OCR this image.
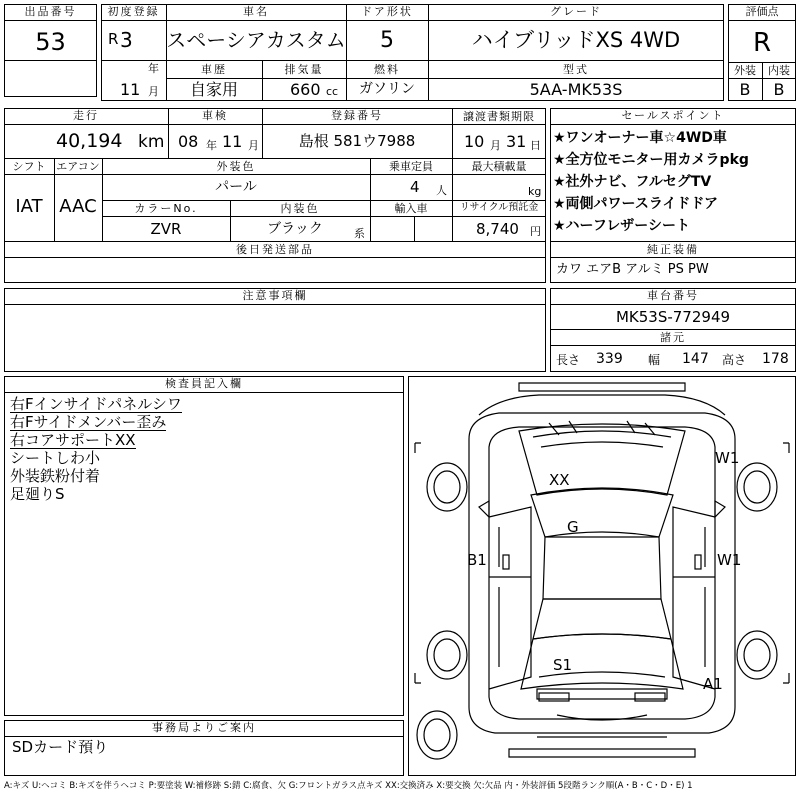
出品番号
53
初度登録
R 3
年
11 月
車名
スペーシアカスタム
ドア形状
5
グレード
ハイブリッドXS 4WD
車歴
自家用
排気量
660 cc
燃料
ガソリン
型式
5AA-MK53S
評価点
R
外装	内装
B	B
走行
40,194 km
車検
08 年 11 月
登録番号
島根 581ウ7988
譲渡書類期限
10 月 31 日
シフト
IAT
エアコン
AAC
外装色
パール
乗車定員
4 人
最大積載量
kg
カラーNo.
ZVR
内装色
ブラック	系
輸入車	リサイクル預託金
8,740 円
後日発送部品
セールスポイント
★ワンオーナー車☆4WD車
★全方位モニター用カメラpkg
★社外ナビ、フルセグTV
★両側パワースライドドア
★ハーフレザーシート
純正装備
カワ エアB アルミ PS PW
注意事項欄	車台番号
MK53S-772949
諸元
長さ 339 幅 147 高さ 178
検査員記入欄
右Fインサイドパネルシワ
右Fサイドメンバー歪み
右コアサポートXX
シートしわ小
外装鉄粉付着
足廻りS
XX
G
B1
W1
W1
S1
A1
事務局よりご案内
SDカード預り
A:キズ U:ヘコミ B:キズを伴うヘコミ P:要塗装 W:補修跡 S:錆 C:腐食、欠 G:フロントガラス点キズ XX:交換済み X:要交換 欠:欠品 内・外装評価 5段階ランク順(A・B・C・D・E) 1
